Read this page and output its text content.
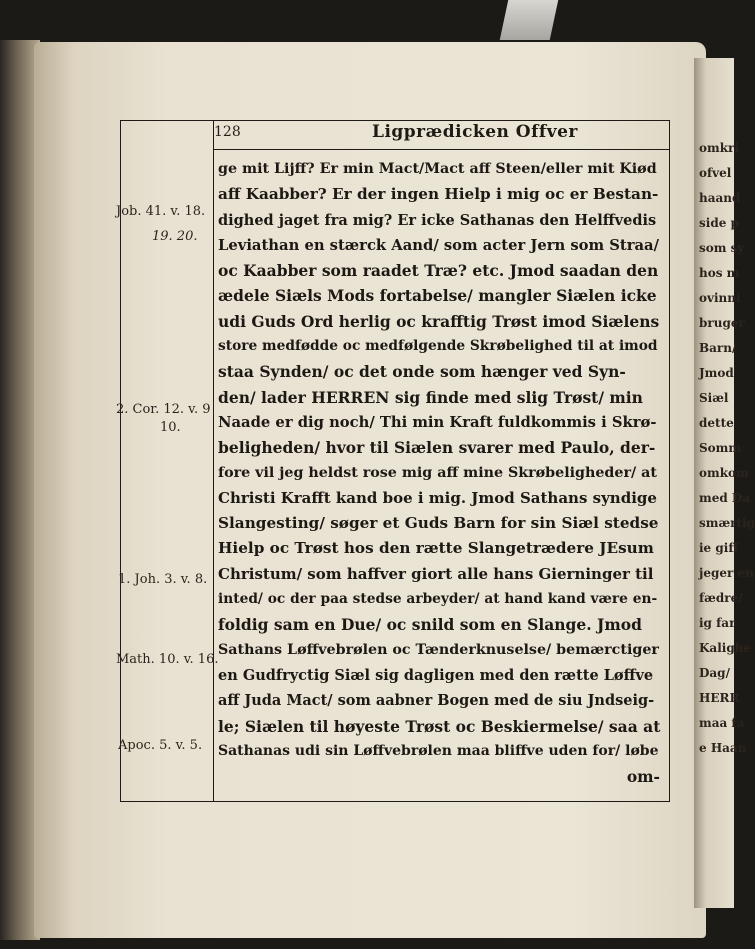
omkri
ofvel
haand
side p
som sy
hos m
ovinni
bruger
Barn/
Jmod
Siæl
dette
Somm
omkom
med Da
smærtig
ie giff
jeger en
fædre/
ig far
Kalighe
Dag/
HERR
maa fa
e Haan
128	Ligprædicken Offver
Job. 41. v. 18.
19. 20.
2. Cor. 12. v. 9
10.
1. Joh. 3. v. 8.
Math. 10. v. 16.
Apoc. 5. v. 5.
ge mit Lijff? Er min Mact/Mact aff Steen/eller mit Kiød
aff Kaabber? Er der ingen Hielp i mig oc er Bestan-
dighed jaget fra mig? Er icke Sathanas den Helffvedis
Leviathan en stærck Aand/ som acter Jern som Straa/
oc Kaabber som raadet Træ? etc. Jmod saadan den
ædele Siæls Mods fortabelse/ mangler Siælen icke
udi Guds Ord herlig oc krafftig Trøst imod Siælens
store medfødde oc medfølgende Skrøbelighed til at imod
staa Synden/ oc det onde som hænger ved Syn-
den/ lader HERREN sig finde med slig Trøst/ min
Naade er dig noch/ Thi min Kraft fuldkommis i Skrø-
beligheden/ hvor til Siælen svarer med Paulo, der-
fore vil jeg heldst rose mig aff mine Skrøbeligheder/ at
Christi Krafft kand boe i mig. Jmod Sathans syndige
Slangesting/ søger et Guds Barn for sin Siæl stedse
Hielp oc Trøst hos den rætte Slangetrædere JEsum
Christum/ som haffver giort alle hans Gierninger til
inted/ oc der paa stedse arbeyder/ at hand kand være en-
foldig sam en Due/ oc snild som en Slange. Jmod
Sathans Løffvebrølen oc Tænderknuselse/ bemærctiger
en Gudfryctig Siæl sig dagligen med den rætte Løffve
aff Juda Mact/ som aabner Bogen med de siu Jndseig-
le; Siælen til høyeste Trøst oc Beskiermelse/ saa at
Sathanas udi sin Løffvebrølen maa bliffve uden for/ løbe
om-
